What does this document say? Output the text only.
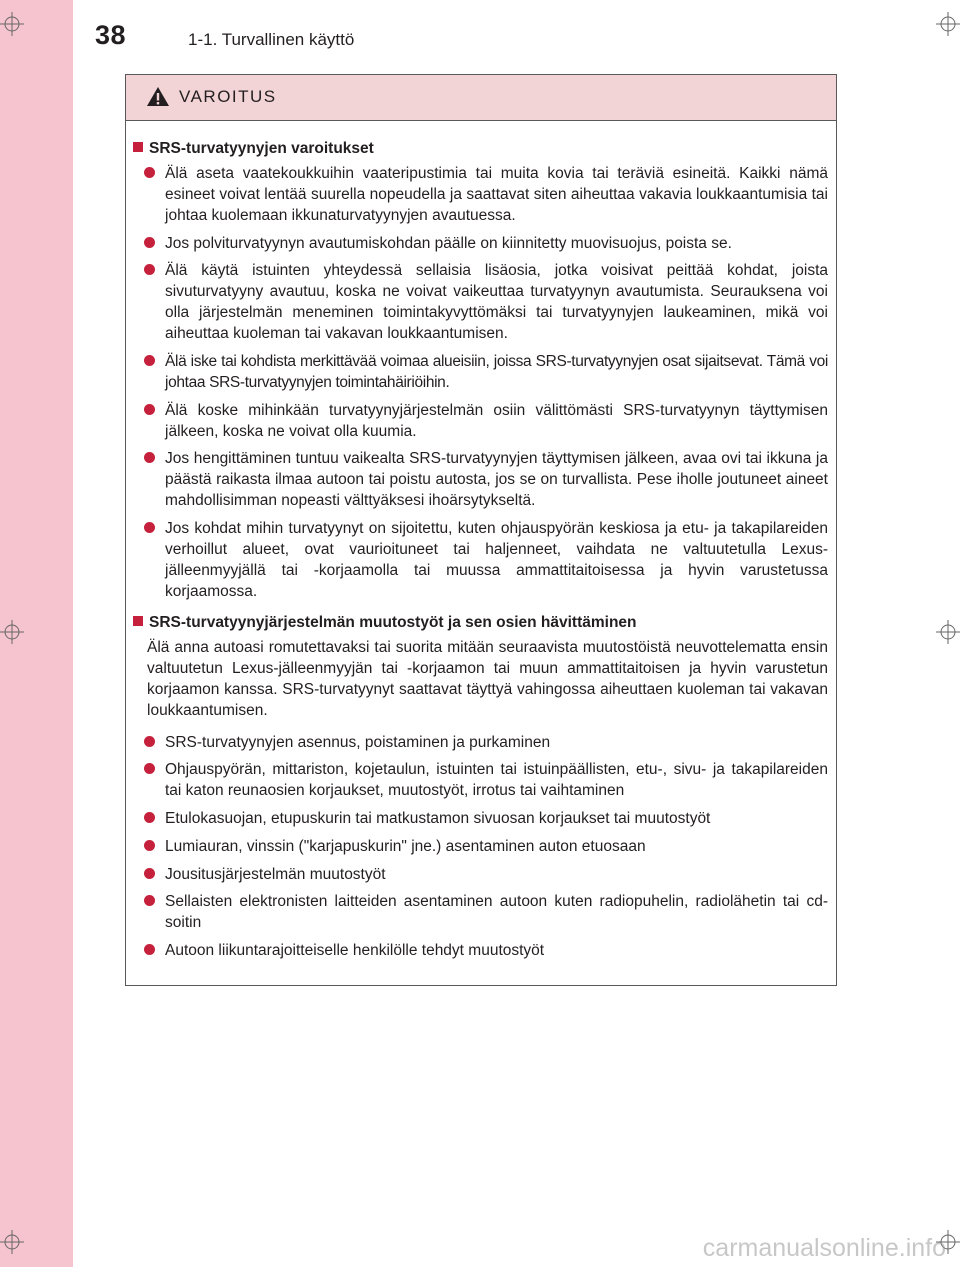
38	1-1. Turvallinen käyttö
VAROITUS
SRS-turvatyynyjen varoitukset
Älä aseta vaatekoukkuihin vaateripustimia tai muita kovia tai teräviä esineitä. Kaikki nämä esineet voivat lentää suurella nopeudella ja saattavat siten aiheuttaa vakavia loukkaantumisia tai johtaa kuolemaan ikkunaturvatyynyjen avautuessa.
Jos polviturvatyynyn avautumiskohdan päälle on kiinnitetty muovisuojus, poista se.
Älä käytä istuinten yhteydessä sellaisia lisäosia, jotka voisivat peittää kohdat, joista sivuturvatyyny avautuu, koska ne voivat vaikeuttaa turvatyynyn avautumista. Seurauksena voi olla järjestelmän meneminen toimintakyvyttömäksi tai turvatyynyjen laukeaminen, mikä voi aiheuttaa kuoleman tai vakavan loukkaantumisen.
Älä iske tai kohdista merkittävää voimaa alueisiin, joissa SRS-turvatyynyjen osat sijaitsevat. Tämä voi johtaa SRS-turvatyynyjen toimintahäiriöihin.
Älä koske mihinkään turvatyynyjärjestelmän osiin välittömästi SRS-turvatyynyn täyttymisen jälkeen, koska ne voivat olla kuumia.
Jos hengittäminen tuntuu vaikealta SRS-turvatyynyjen täyttymisen jälkeen, avaa ovi tai ikkuna ja päästä raikasta ilmaa autoon tai poistu autosta, jos se on turvallista. Pese iholle joutuneet aineet mahdollisimman nopeasti välttyäksesi ihoärsytykseltä.
Jos kohdat mihin turvatyynyt on sijoitettu, kuten ohjauspyörän keskiosa ja etu- ja takapilareiden verhoillut alueet, ovat vaurioituneet tai haljenneet, vaihdata ne valtuutetulla Lexus-jälleenmyyjällä tai -korjaamolla tai muussa ammattitaitoisessa ja hyvin varustetussa korjaamossa.
SRS-turvatyynyjärjestelmän muutostyöt ja sen osien hävittäminen
Älä anna autoasi romutettavaksi tai suorita mitään seuraavista muutostöistä neuvottelematta ensin valtuutetun Lexus-jälleenmyyjän tai -korjaamon tai muun ammattitaitoisen ja hyvin varustetun korjaamon kanssa. SRS-turvatyynyt saattavat täyttyä vahingossa aiheuttaen kuoleman tai vakavan loukkaantumisen.
SRS-turvatyynyjen asennus, poistaminen ja purkaminen
Ohjauspyörän, mittariston, kojetaulun, istuinten tai istuinpäällisten, etu-, sivu- ja takapilareiden tai katon reunaosien korjaukset, muutostyöt, irrotus tai vaihtaminen
Etulokasuojan, etupuskurin tai matkustamon sivuosan korjaukset tai muutostyöt
Lumiauran, vinssin ("karjapuskurin" jne.) asentaminen auton etuosaan
Jousitusjärjestelmän muutostyöt
Sellaisten elektronisten laitteiden asentaminen autoon kuten radiopuhelin, radiolähetin tai cd-soitin
Autoon liikuntarajoitteiselle henkilölle tehdyt muutostyöt
carmanualsonline.info
